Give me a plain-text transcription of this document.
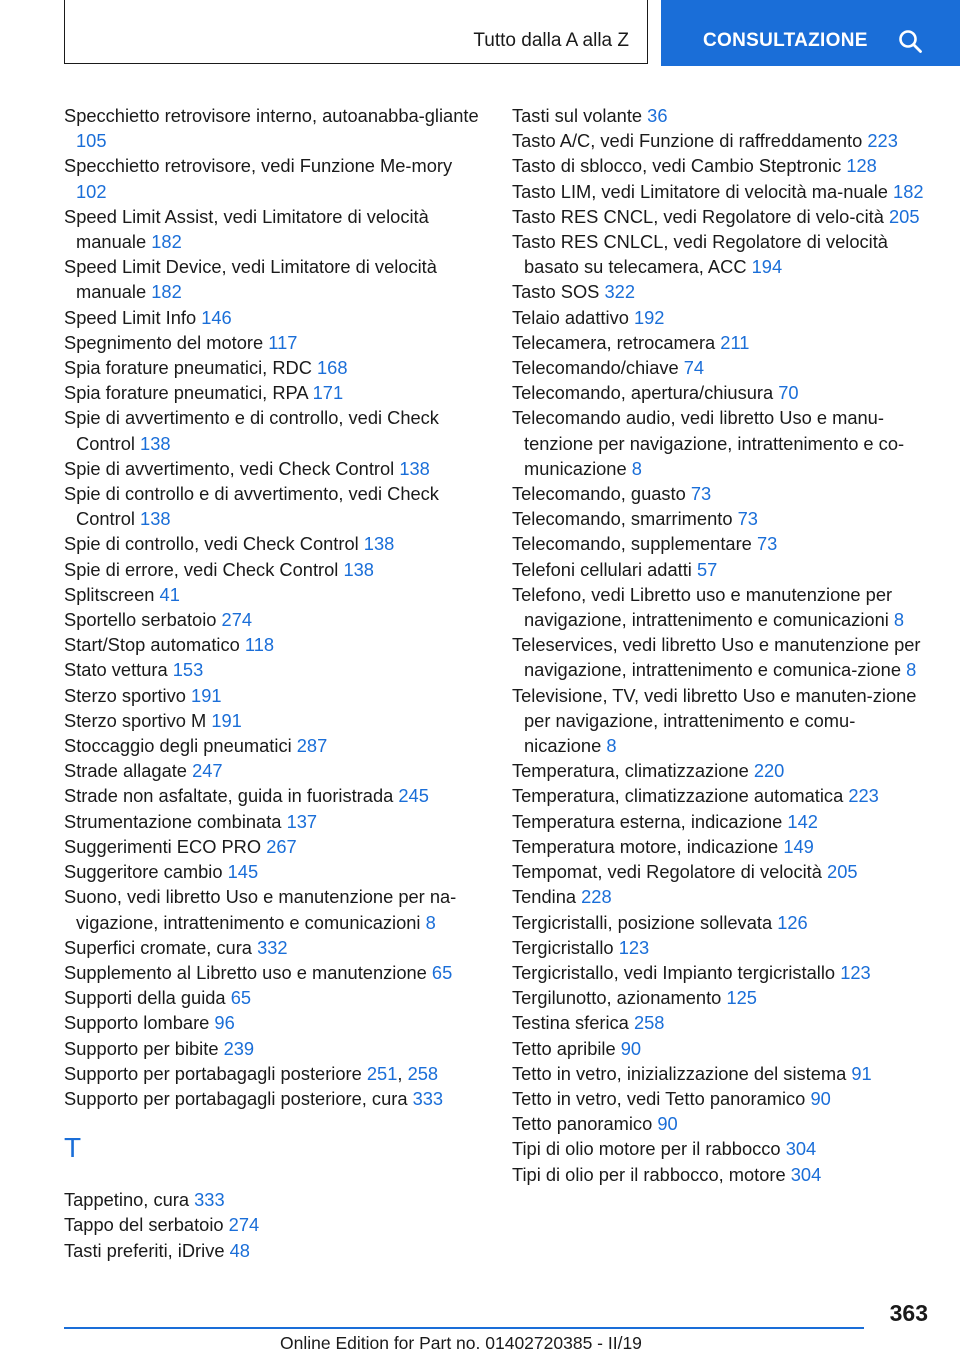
Tutto dalla A alla Z	CONSULTAZIONE
Specchietto retrovisore interno, autoanabba-gliante 105
Specchietto retrovisore, vedi Funzione Me-mory 102
Speed Limit Assist, vedi Limitatore di velocità manuale 182
Speed Limit Device, vedi Limitatore di velocità manuale 182
Speed Limit Info 146
Spegnimento del motore 117
Spia forature pneumatici, RDC 168
Spia forature pneumatici, RPA 171
Spie di avvertimento e di controllo, vedi Check Control 138
Spie di avvertimento, vedi Check Control 138
Spie di controllo e di avvertimento, vedi Check Control 138
Spie di controllo, vedi Check Control 138
Spie di errore, vedi Check Control 138
Splitscreen 41
Sportello serbatoio 274
Start/Stop automatico 118
Stato vettura 153
Sterzo sportivo 191
Sterzo sportivo M 191
Stoccaggio degli pneumatici 287
Strade allagate 247
Strade non asfaltate, guida in fuoristrada 245
Strumentazione combinata 137
Suggerimenti ECO PRO 267
Suggeritore cambio 145
Suono, vedi libretto Uso e manutenzione per na-vigazione, intrattenimento e comunicazioni 8
Superfici cromate, cura 332
Supplemento al Libretto uso e manutenzione 65
Supporti della guida 65
Supporto lombare 96
Supporto per bibite 239
Supporto per portabagagli posteriore 251, 258
Supporto per portabagagli posteriore, cura 333
T
Tappetino, cura 333
Tappo del serbatoio 274
Tasti preferiti, iDrive 48
Tasti sul volante 36
Tasto A/C, vedi Funzione di raffreddamento 223
Tasto di sblocco, vedi Cambio Steptronic 128
Tasto LIM, vedi Limitatore di velocità ma-nuale 182
Tasto RES CNCL, vedi Regolatore di velo-cità 205
Tasto RES CNLCL, vedi Regolatore di velocità basato su telecamera, ACC 194
Tasto SOS 322
Telaio adattivo 192
Telecamera, retrocamera 211
Telecomando/chiave 74
Telecomando, apertura/chiusura 70
Telecomando audio, vedi libretto Uso e manu-tenzione per navigazione, intrattenimento e co-municazione 8
Telecomando, guasto 73
Telecomando, smarrimento 73
Telecomando, supplementare 73
Telefoni cellulari adatti 57
Telefono, vedi Libretto uso e manutenzione per navigazione, intrattenimento e comunicazioni 8
Teleservices, vedi libretto Uso e manutenzione per navigazione, intrattenimento e comunica-zione 8
Televisione, TV, vedi libretto Uso e manuten-zione per navigazione, intrattenimento e comu-nicazione 8
Temperatura, climatizzazione 220
Temperatura, climatizzazione automatica 223
Temperatura esterna, indicazione 142
Temperatura motore, indicazione 149
Tempomat, vedi Regolatore di velocità 205
Tendina 228
Tergicristalli, posizione sollevata 126
Tergicristallo 123
Tergicristallo, vedi Impianto tergicristallo 123
Tergilunotto, azionamento 125
Testina sferica 258
Tetto apribile 90
Tetto in vetro, inizializzazione del sistema 91
Tetto in vetro, vedi Tetto panoramico 90
Tetto panoramico 90
Tipi di olio motore per il rabbocco 304
Tipi di olio per il rabbocco, motore 304
363
Online Edition for Part no. 01402720385 - II/19
